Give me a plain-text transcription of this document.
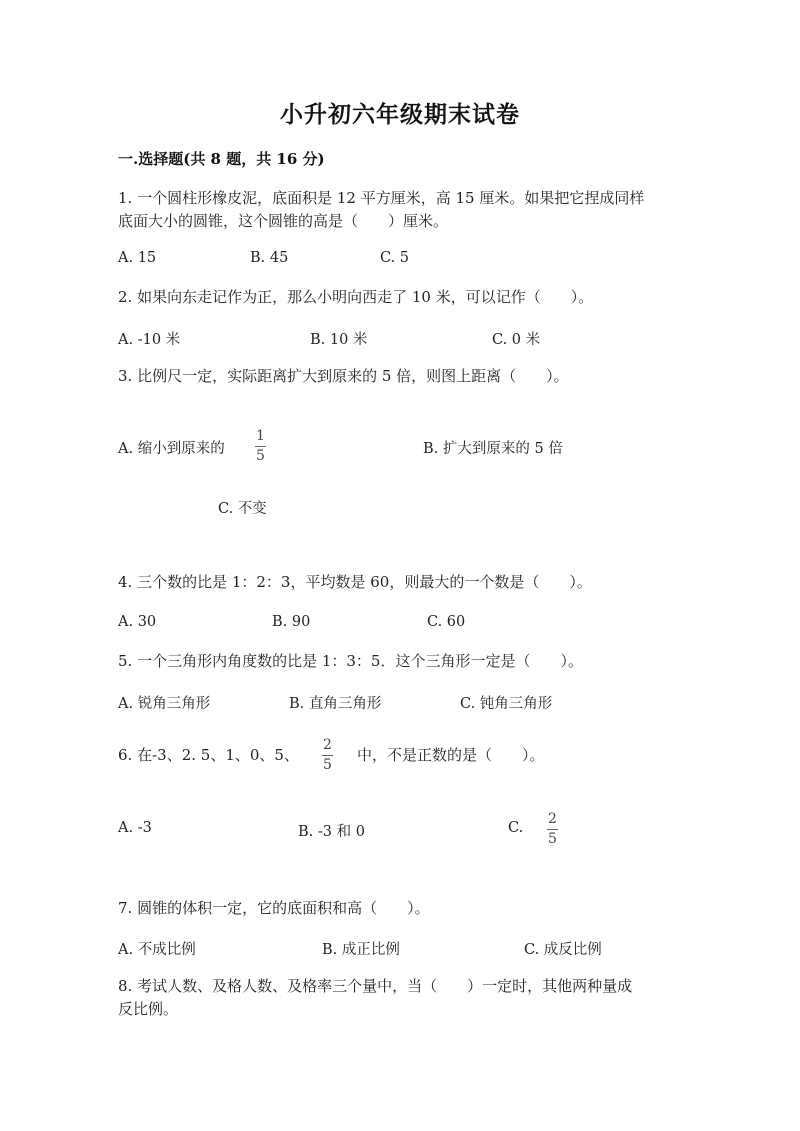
小升初六年级期末试卷
一.选择题(共 8 题，共 16 分)
1. 一个圆柱形橡皮泥，底面积是 12 平方厘米，高 15 厘米。如果把它捏成同样
底面大小的圆锥，这个圆锥的高是（　　）厘米。
A. 15	B. 45	C. 5
2. 如果向东走记作为正，那么小明向西走了 10 米，可以记作（　　）。
A. -10 米	B. 10 米	C. 0 米
3. 比例尺一定，实际距离扩大到原来的 5 倍，则图上距离（　　）。
A. 缩小到原来的
1
5	B. 扩大到原来的 5 倍
C. 不变
4. 三个数的比是 1：2：3，平均数是 60，则最大的一个数是（　　）。
A. 30	B. 90	C. 60
5. 一个三角形内角度数的比是 1：3：5．这个三角形一定是（　　）。
A. 锐角三角形	B. 直角三角形	C. 钝角三角形
6. 在-3、2. 5、1、0、5、
2
5
中，不是正数的是（　　）。
A. -3	B. -3 和 0	C.
2
5
7. 圆锥的体积一定，它的底面积和高（　　）。
A. 不成比例	B. 成正比例	C. 成反比例
8. 考试人数、及格人数、及格率三个量中，当（　　）一定时，其他两种量成
反比例。
